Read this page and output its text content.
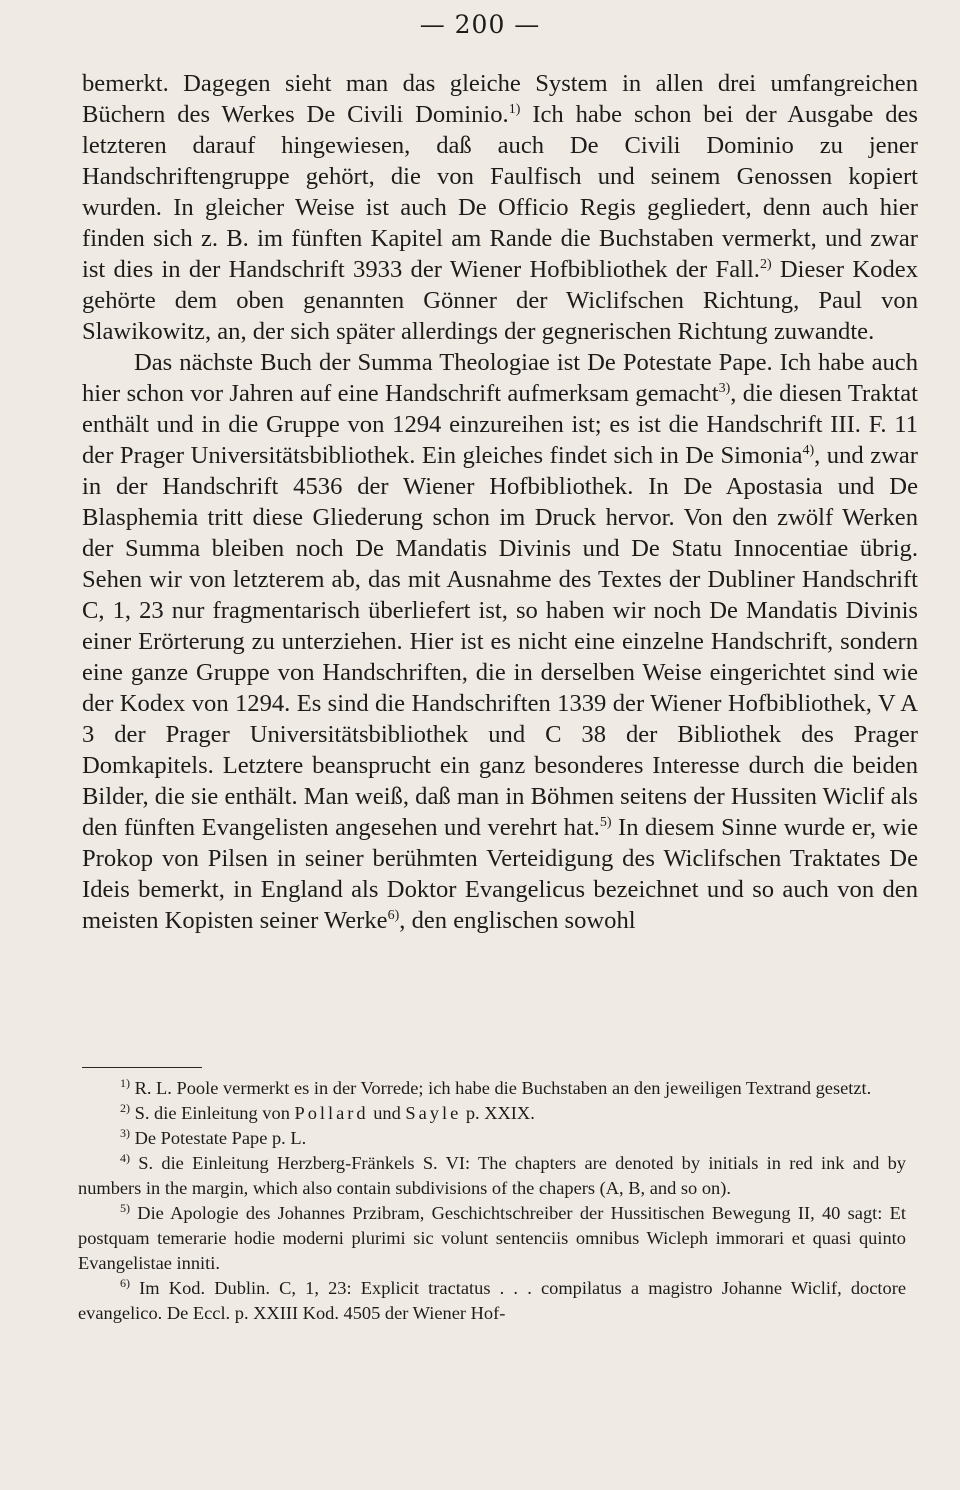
— 200 —

bemerkt. Dagegen sieht man das gleiche System in allen drei umfangreichen Büchern des Werkes De Civili Dominio.$^{1)}$ Ich habe schon bei der Ausgabe des letzteren darauf hingewiesen, daß auch De Civili Dominio zu jener Handschriftengruppe gehört, die von Faulfisch und seinem Genossen kopiert wurden. In gleicher Weise ist auch De Officio Regis gegliedert, denn auch hier finden sich z. B. im fünften Kapitel am Rande die Buchstaben vermerkt, und zwar ist dies in der Handschrift 3933 der Wiener Hofbibliothek der Fall.$^{2)}$ Dieser Kodex gehörte dem oben genannten Gönner der Wiclifschen Richtung, Paul von Slawikowitz, an, der sich später allerdings der gegnerischen Richtung zuwandte.

Das nächste Buch der Summa Theologiae ist De Potestate Pape. Ich habe auch hier schon vor Jahren auf eine Handschrift aufmerksam gemacht$^{3)}$, die diesen Traktat enthält und in die Gruppe von 1294 einzureihen ist; es ist die Handschrift III. F. 11 der Prager Universitätsbibliothek. Ein gleiches findet sich in De Simonia$^{4)}$, und zwar in der Handschrift 4536 der Wiener Hofbibliothek. In De Apostasia und De Blasphemia tritt diese Gliederung schon im Druck hervor. Von den zwölf Werken der Summa bleiben noch De Mandatis Divinis und De Statu Innocentiae übrig. Sehen wir von letzterem ab, das mit Ausnahme des Textes der Dubliner Handschrift C, 1, 23 nur fragmentarisch überliefert ist, so haben wir noch De Mandatis Divinis einer Erörterung zu unterziehen. Hier ist es nicht eine einzelne Handschrift, sondern eine ganze Gruppe von Handschriften, die in derselben Weise eingerichtet sind wie der Kodex von 1294. Es sind die Handschriften 1339 der Wiener Hofbibliothek, V A 3 der Prager Universitätsbibliothek und C 38 der Bibliothek des Prager Domkapitels. Letztere beansprucht ein ganz besonderes Interesse durch die beiden Bilder, die sie enthält. Man weiß, daß man in Böhmen seitens der Hussiten Wiclif als den fünften Evangelisten angesehen und verehrt hat.$^{5)}$ In diesem Sinne wurde er, wie Prokop von Pilsen in seiner berühmten Verteidigung des Wiclifschen Traktates De Ideis bemerkt, in England als Doktor Evangelicus bezeichnet und so auch von den meisten Kopisten seiner Werke$^{6)}$, den englischen sowohl

$^{1)}$ R. L. Poole vermerkt es in der Vorrede; ich habe die Buchstaben an den jeweiligen Textrand gesetzt.

$^{2)}$ S. die Einleitung von Pollard und Sayle p. XXIX.

$^{3)}$ De Potestate Pape p. L.

$^{4)}$ S. die Einleitung Herzberg-Fränkels S. VI: The chapters are denoted by initials in red ink and by numbers in the margin, which also contain subdivisions of the chapers (A, B, and so on).

$^{5)}$ Die Apologie des Johannes Przibram, Geschichtschreiber der Hussitischen Bewegung II, 40 sagt: Et postquam temerarie hodie moderni plurimi sic volunt sentenciis omnibus Wicleph immorari et quasi quinto Evangelistae inniti.

$^{6)}$ Im Kod. Dublin. C, 1, 23: Explicit tractatus . . . compilatus a magistro Johanne Wiclif, doctore evangelico. De Eccl. p. XXIII Kod. 4505 der Wiener Hof-
